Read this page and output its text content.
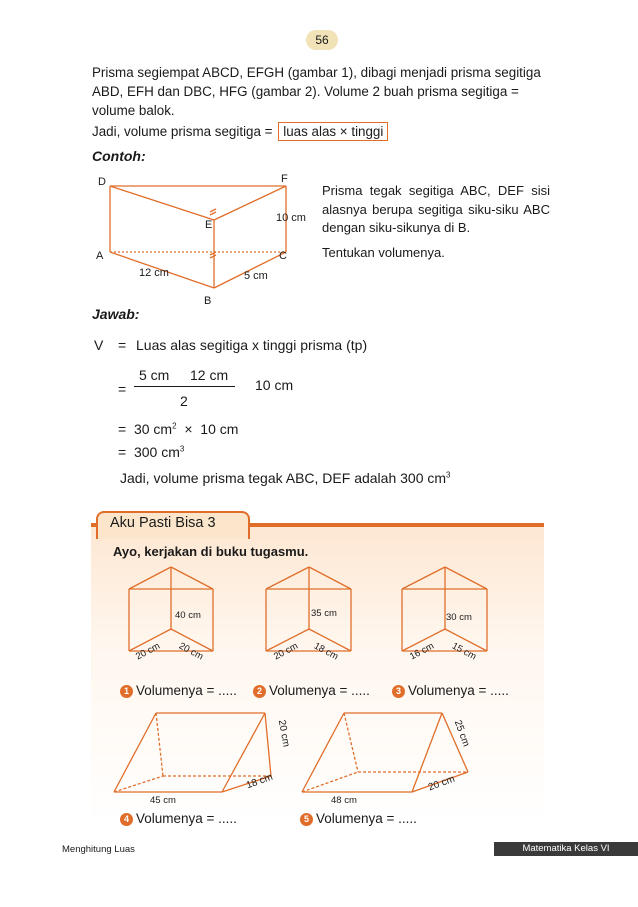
56
Prisma segiempat ABCD, EFGH (gambar 1), dibagi menjadi prisma segitiga ABD, EFH dan DBC, HFG (gambar 2). Volume 2 buah prisma segitiga = volume balok.
Jadi, volume prisma segitiga = luas alas × tinggi
Contoh:
D	F
E
A	C
B
10 cm
12 cm	5 cm
Prisma tegak segitiga ABC, DEF sisi alasnya berupa segitiga siku-siku ABC dengan siku-sikunya di B.
Tentukan volumenya.
Jawab:
V = Luas alas segitiga x tinggi prisma (tp)
=
5 cm 12 cm
2
10 cm
= 30 $cm^2 \times 10$ cm
= 300 $cm^3$
Jadi, volume prisma tegak ABC, DEF adalah 300 $cm^3$
Aku Pasti Bisa 3
Ayo, kerjakan di buku tugasmu.
40 cm
20 cm 20 cm
35 cm
20 cm 18 cm
30 cm
16 cm 15 cm
1 Volumenya = .....	2 Volumenya = .....	3 Volumenya = .....
20 cm
18 cm
45 cm
25 cm
20 cm
48 cm
4 Volumenya = .....	5 Volumenya = .....
Menghitung Luas	Matematika Kelas VI
